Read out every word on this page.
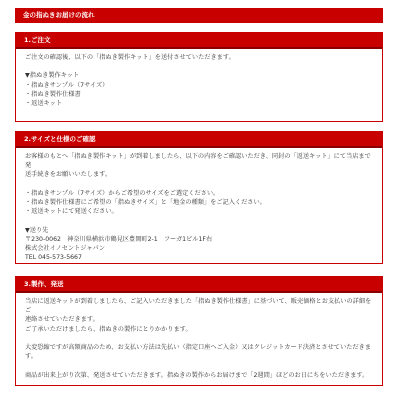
金の指ぬきお届けの流れ
1.ご注文

ご注文の確認後、以下の「指ぬき製作キット」を送付させていただきます。

▼指ぬき製作キット

・指ぬきサンプル（7サイズ）

・指ぬき製作仕様書

・返送キット

2.サイズと仕様のご確認

お客様のもとへ「指ぬき製作キット」が到着しましたら、以下の内容をご確認いただき、同封の「返送キット」にて当店まで発

送手続きをお願いいたします。

・指ぬきサンプル（7サイズ）からご希望のサイズをご選定ください。

・指ぬき製作仕様書にご希望の「指ぬきサイズ」と「地金の種類」をご記入ください。

・返送キットにて発送ください。

▼送り先

〒230-0062　神奈川県横浜市鶴見区豊岡町2-1　フーガ1ビル1F右

株式会社イノセントジャパン

TEL 045-573-5667

3.製作、発送

当店に返送キットが到着しましたら、ご記入いただきました「指ぬき製作仕様書」に基づいて、販売価格とお支払いの詳細をご

連絡させていただきます。

ご了承いただけましたら、指ぬきの製作にとりかかります。

大変恐縮ですが高額商品のため、お支払い方法は先払い（指定口座へご入金）又はクレジットカード決済とさせていただきま

す。

商品が出来上がり次第、発送させていただきます。指ぬきの製作からお届けまで「2週間」ほどのお日にちをいただきます。
